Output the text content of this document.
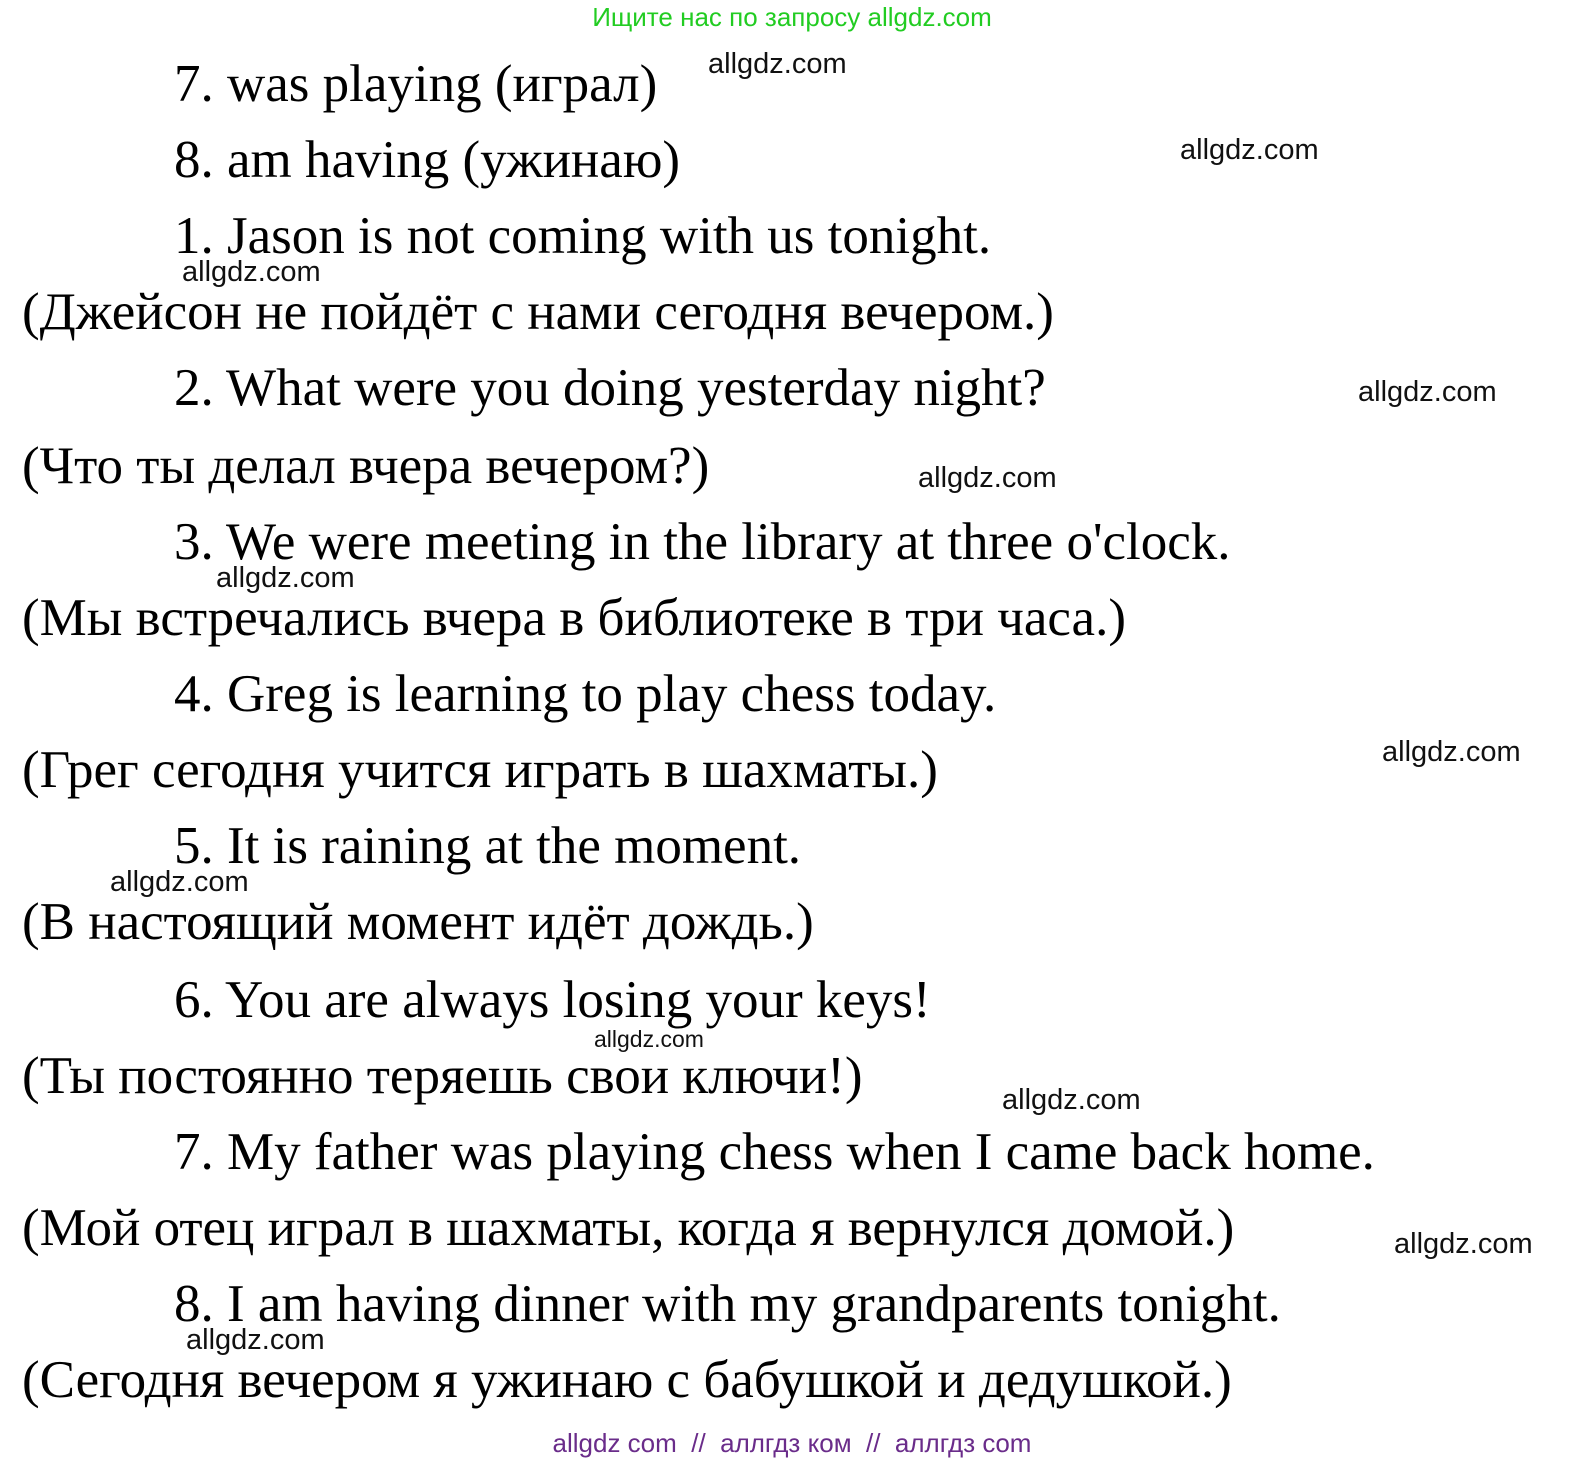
Ищите нас по запросу allgdz.com
7. was playing (играл)
8. am having (ужинаю)
1. Jason is not coming with us tonight.
(Джейсон не пойдёт с нами сегодня вечером.)
2. What were you doing yesterday night?
(Что ты делал вчера вечером?)
3. We were meeting in the library at three o'clock.
(Мы встречались вчера в библиотеке в три часа.)
4. Greg is learning to play chess today.
(Грег сегодня учится играть в шахматы.)
5. It is raining at the moment.
(В настоящий момент идёт дождь.)
6. You are always losing your keys!
(Ты постоянно теряешь свои ключи!)
7. My father was playing chess when I came back home.
(Мой отец играл в шахматы, когда я вернулся домой.)
8. I am having dinner with my grandparents tonight.
(Сегодня вечером я ужинаю с бабушкой и дедушкой.)
allgdz.com
allgdz.com
allgdz.com
allgdz.com
allgdz.com
allgdz.com
allgdz.com
allgdz.com
allgdz.com
allgdz.com
allgdz.com
allgdz.com
allgdz com  //  аллгдз ком  //  аллгдз com
